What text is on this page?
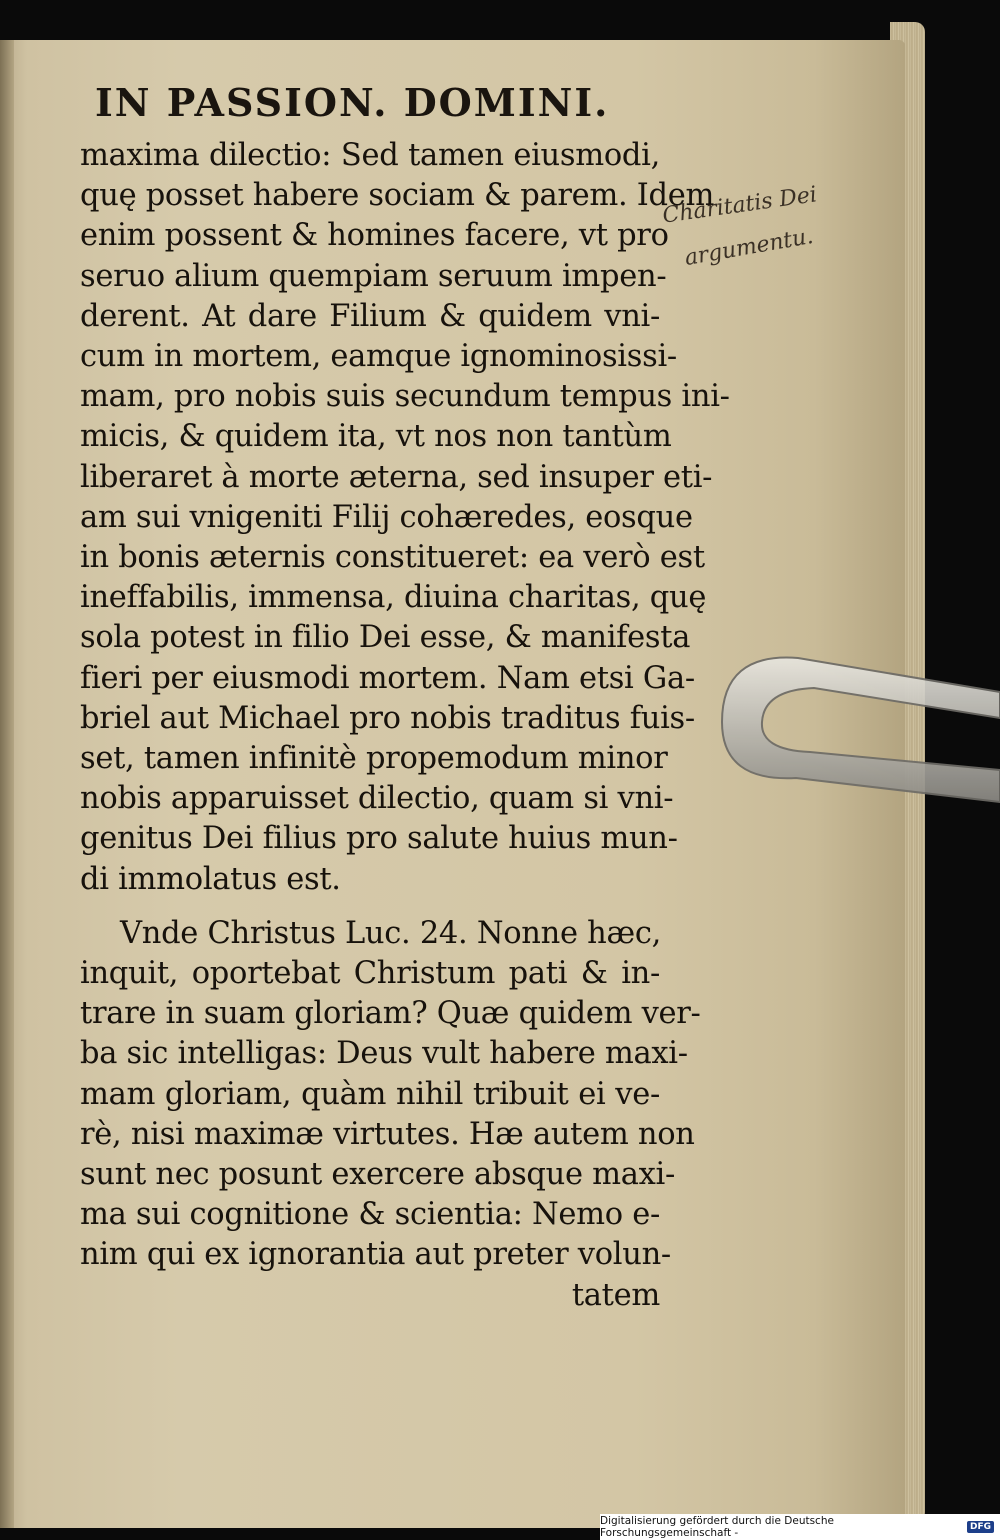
IN PASSION. DOMINI.
maxima dilectio: Sed tamen eiusmodi,
quę posset habere sociam & parem. Idem
enim possent & homines facere, vt pro
seruo alium quempiam seruum impen-
derent. At dare Filium & quidem vni-
cum in mortem, eamque ignominosissi-
mam, pro nobis suis secundum tempus ini-
micis, & quidem ita, vt nos non tantùm
liberaret à morte æterna, sed insuper eti-
am sui vnigeniti Filij cohæredes, eosque
in bonis æternis constitueret: ea verò est
ineffabilis, immensa, diuina charitas, quę
sola potest in filio Dei esse, & manifesta
fieri per eiusmodi mortem. Nam etsi Ga-
briel aut Michael pro nobis traditus fuis-
set, tamen infinitè propemodum minor
nobis apparuisset dilectio, quam si vni-
genitus Dei filius pro salute huius mun-
di immolatus est.
Vnde Christus Luc. 24. Nonne hæc,
inquit, oportebat Christum pati & in-
trare in suam gloriam? Quæ quidem ver-
ba sic intelligas: Deus vult habere maxi-
mam gloriam, quàm nihil tribuit ei ve-
rè, nisi maximæ virtutes. Hæ autem non
sunt nec posunt exercere absque maxi-
ma sui cognitione & scientia: Nemo e-
nim qui ex ignorantia aut preter volun-
tatem
Charitatis Dei
argumentu.
Digitalisierung gefördert durch die Deutsche Forschungsgemeinschaft -	DFG
